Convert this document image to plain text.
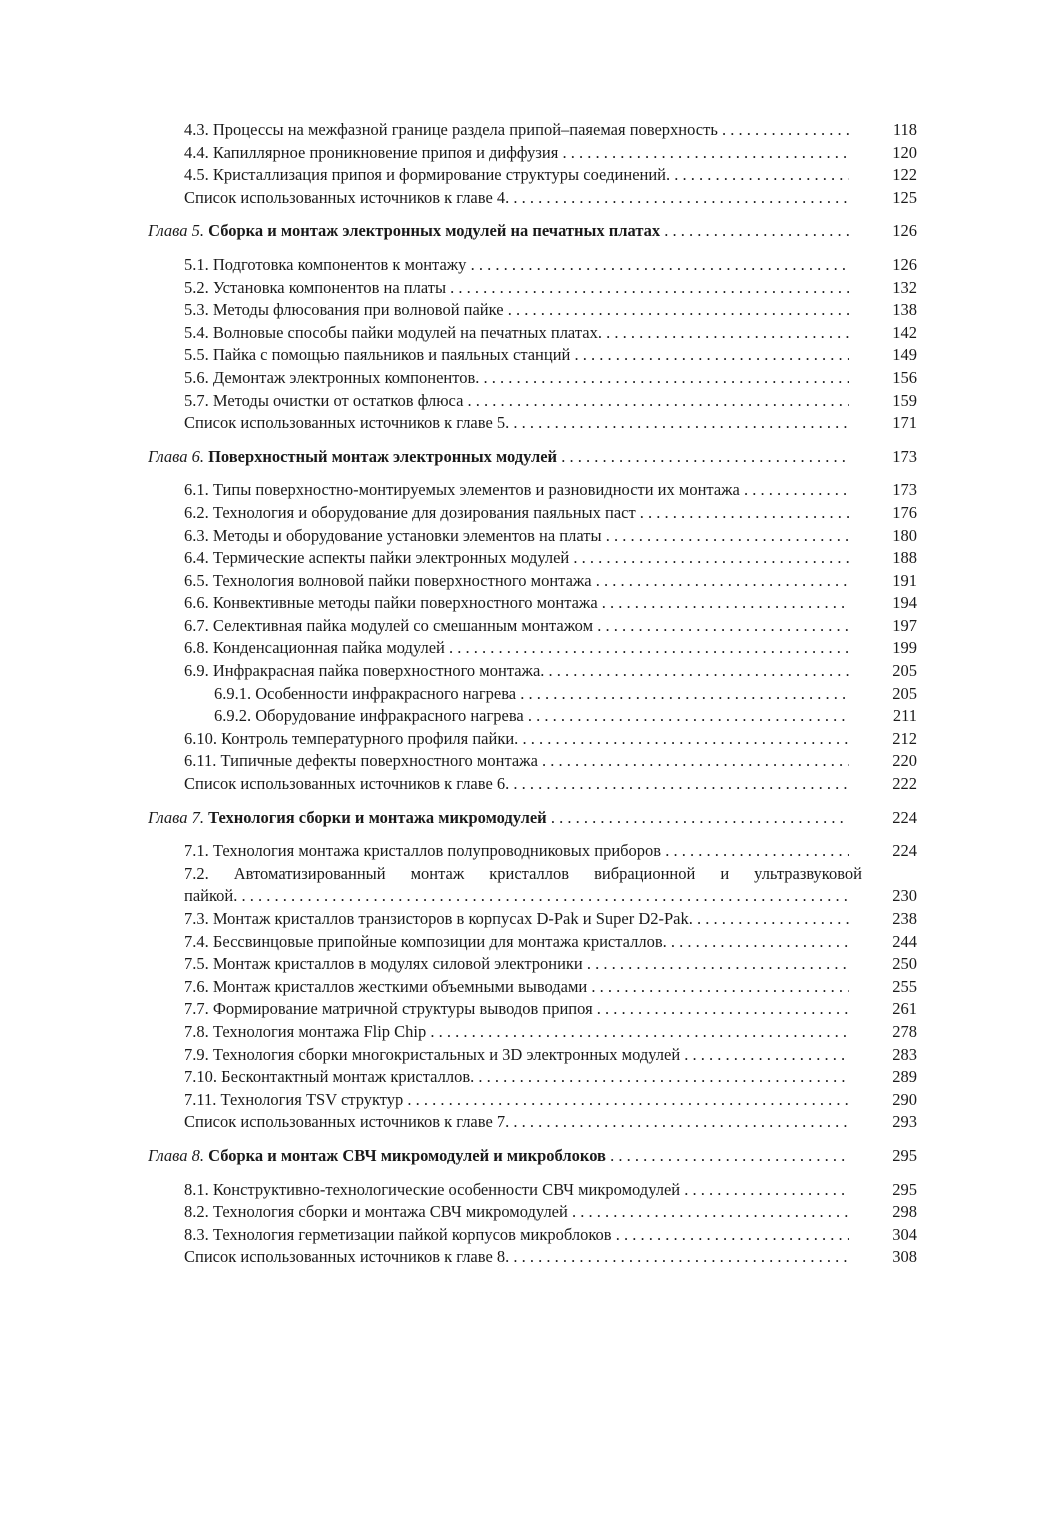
4.3. Процессы на межфазной границе раздела припой–паяемая поверхность . . .	118
4.4. Капиллярное проникновение припоя и диффузия . . .	120
4.5. Кристаллизация припоя и формирование структуры соединений. . . .	122
Список использованных источников к главе 4. . . .	125
Глава 5. Сборка и монтаж электронных модулей на печатных платах . . .	126
5.1. Подготовка компонентов к монтажу . . .	126
5.2. Установка компонентов на платы . . .	132
5.3. Методы флюсования при волновой пайке . . .	138
5.4. Волновые способы пайки модулей на печатных платах. . . .	142
5.5. Пайка с помощью паяльников и паяльных станций . . .	149
5.6. Демонтаж электронных компонентов. . . .	156
5.7. Методы очистки от остатков флюса . . .	159
Список использованных источников к главе 5. . . .	171
Глава 6. Поверхностный монтаж электронных модулей . . .	173
6.1. Типы поверхностно-монтируемых элементов и разновидности их монтажа . . .	173
6.2. Технология и оборудование для дозирования паяльных паст . . .	176
6.3. Методы и оборудование установки элементов на платы . . .	180
6.4. Термические аспекты пайки электронных модулей . . .	188
6.5. Технология волновой пайки поверхностного монтажа . . .	191
6.6. Конвективные методы пайки поверхностного монтажа . . .	194
6.7. Селективная пайка модулей со смешанным монтажом . . .	197
6.8. Конденсационная пайка модулей . . .	199
6.9. Инфракрасная пайка поверхностного монтажа. . . .	205
6.9.1. Особенности инфракрасного нагрева . . .	205
6.9.2. Оборудование инфракрасного нагрева . . .	211
6.10. Контроль температурного профиля пайки. . . .	212
6.11. Типичные дефекты поверхностного монтажа . . .	220
Список использованных источников к главе 6. . . .	222
Глава 7. Технология сборки и монтажа микромодулей . . .	224
7.1. Технология монтажа кристаллов полупроводниковых приборов . . .	224
7.2. Автоматизированный монтаж кристаллов вибрационной и ультразвуковой
пайкой. . . .	230
7.3. Монтаж кристаллов транзисторов в корпусах D-Pak и Super D2-Pak. . . .	238
7.4. Бессвинцовые припойные композиции для монтажа кристаллов. . . .	244
7.5. Монтаж кристаллов в модулях силовой электроники . . .	250
7.6. Монтаж кристаллов жесткими объемными выводами . . .	255
7.7. Формирование матричной структуры выводов припоя . . .	261
7.8. Технология монтажа Flip Chip . . .	278
7.9. Технология сборки многокристальных и 3D электронных модулей . . .	283
7.10. Бесконтактный монтаж кристаллов. . . .	289
7.11. Технология TSV структур . . .	290
Список использованных источников к главе 7. . . .	293
Глава 8. Сборка и монтаж СВЧ микромодулей и микроблоков . . .	295
8.1. Конструктивно-технологические особенности СВЧ микромодулей . . .	295
8.2. Технология сборки и монтажа СВЧ микромодулей . . .	298
8.3. Технология герметизации пайкой корпусов микроблоков . . .	304
Список использованных источников к главе 8. . . .	308
